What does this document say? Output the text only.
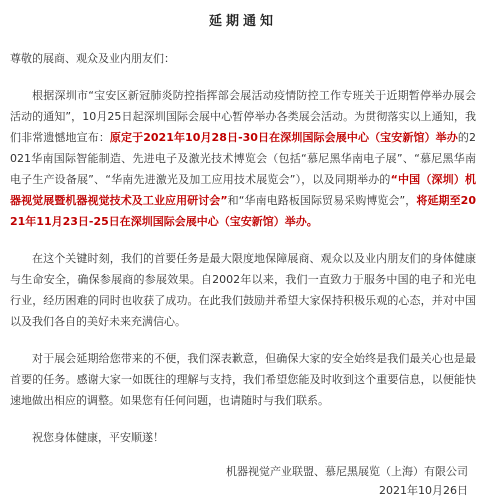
延期通知
尊敬的展商、观众及业内朋友们：
根据深圳市“宝安区新冠肺炎防控指挥部会展活动疫情防控工作专班关于近期暂停举办展会活动的通知”，10月25日起深圳国际会展中心暂停举办各类展会活动。为贯彻落实以上通知，我们非常遗憾地宣布：原定于2021年10月28日-30日在深圳国际会展中心（宝安新馆）举办的2021华南国际智能制造、先进电子及激光技术博览会（包括“慕尼黑华南电子展”、“慕尼黑华南电子生产设备展”、“华南先进激光及加工应用技术展览会”），以及同期举办的“中国（深圳）机器视觉展暨机器视觉技术及工业应用研讨会”和“华南电路板国际贸易采购博览会”，将延期至2021年11月23日-25日在深圳国际会展中心（宝安新馆）举办。
在这个关键时刻，我们的首要任务是最大限度地保障展商、观众以及业内朋友们的身体健康与生命安全，确保参展商的参展效果。自2002年以来，我们一直致力于服务中国的电子和光电行业，经历困难的同时也收获了成功。在此我们鼓励并希望大家保持积极乐观的心态，并对中国以及我们各自的美好未来充满信心。
对于展会延期给您带来的不便，我们深表歉意，但确保大家的安全始终是我们最关心也是最首要的任务。感谢大家一如既往的理解与支持，我们希望您能及时收到这个重要信息，以便能快速地做出相应的调整。如果您有任何问题，也请随时与我们联系。
祝您身体健康，平安顺遂！
机器视觉产业联盟、慕尼黑展览（上海）有限公司
2021年10月26日
